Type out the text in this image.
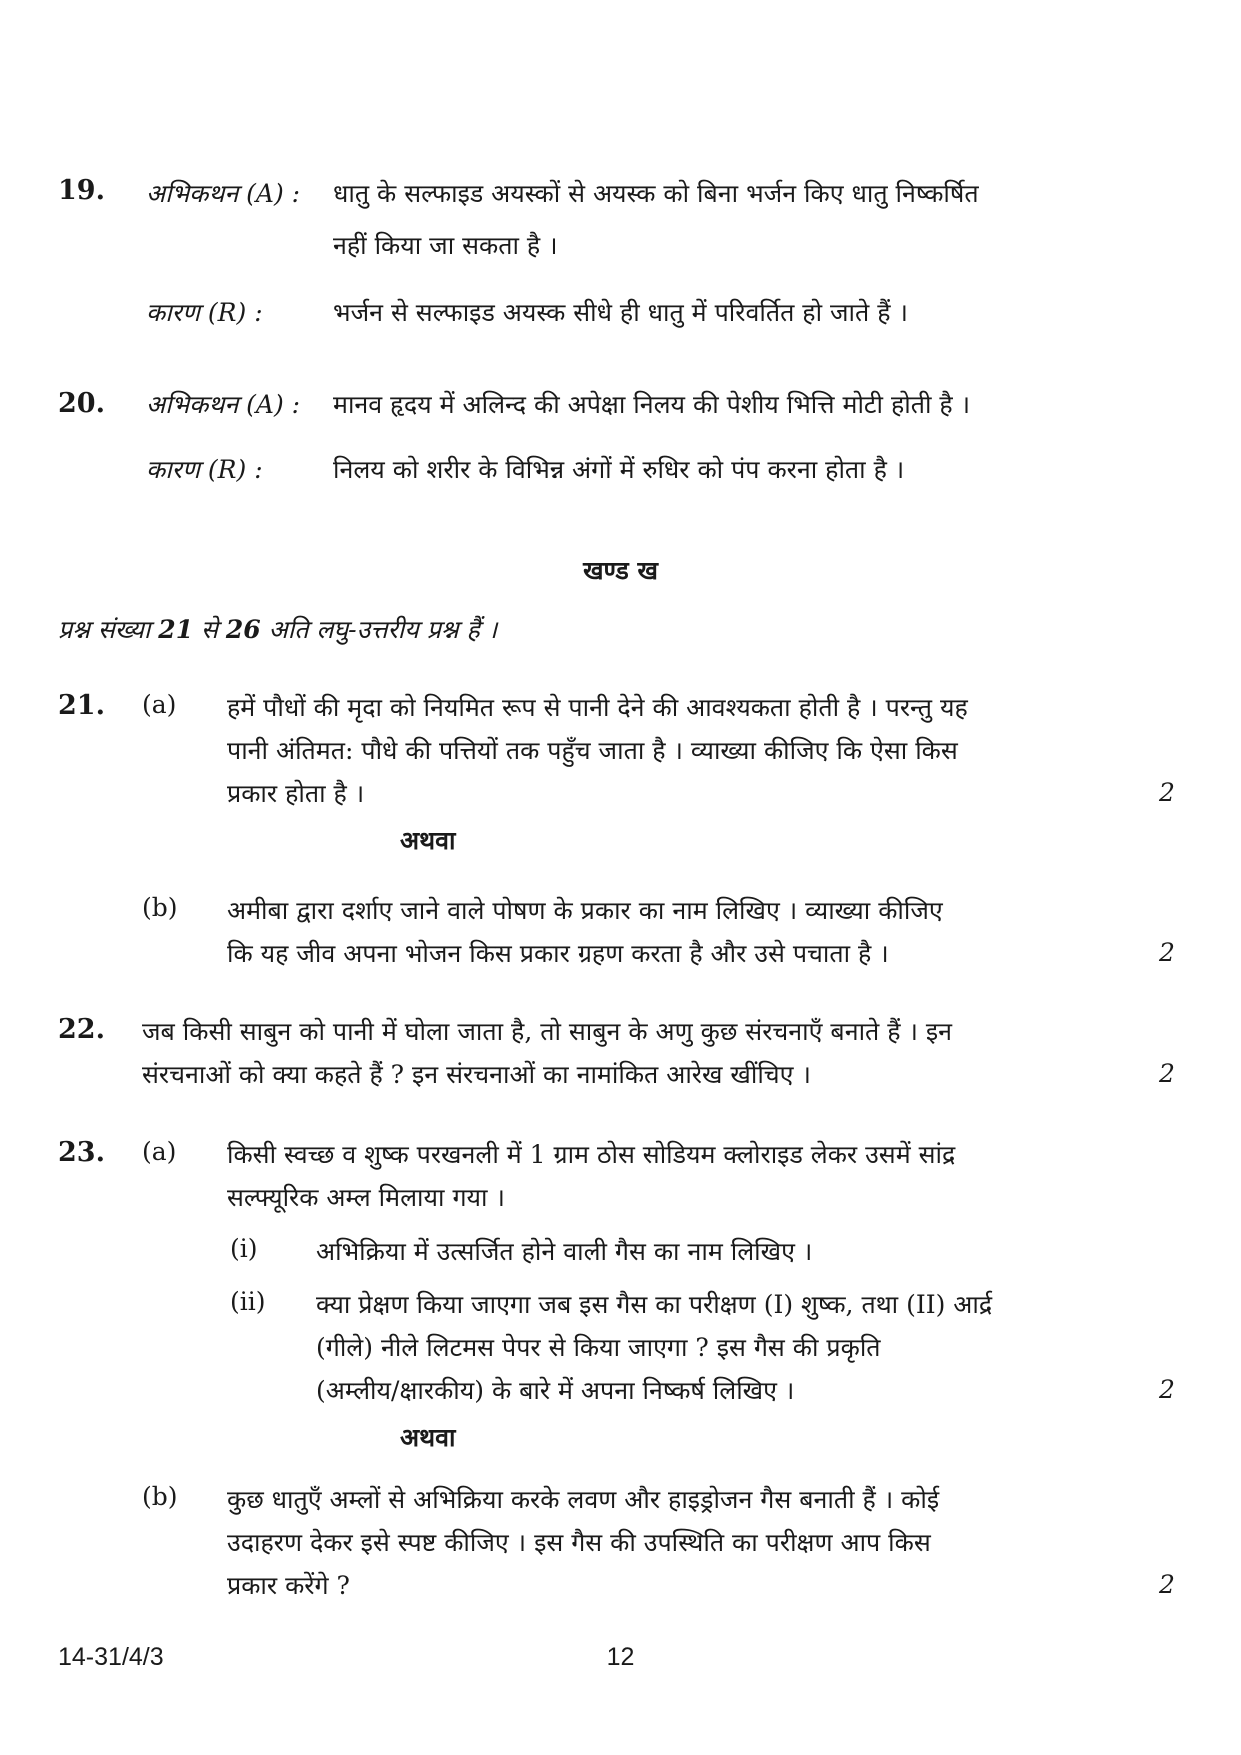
19. अभिकथन (A) : धातु के सल्फाइड अयस्कों से अयस्क को बिना भर्जन किए धातु निष्कर्षित
नहीं किया जा सकता है ।
कारण (R) :	भर्जन से सल्फाइड अयस्क सीधे ही धातु में परिवर्तित हो जाते हैं ।
20. अभिकथन (A) : मानव हृदय में अलिन्द की अपेक्षा निलय की पेशीय भित्ति मोटी होती है ।
कारण (R) :	निलय को शरीर के विभिन्न अंगों में रुधिर को पंप करना होता है ।
खण्ड ख
प्रश्न संख्या 21 से 26 अति लघु-उत्तरीय प्रश्न हैं ।
21. (a) हमें पौधों की मृदा को नियमित रूप से पानी देने की आवश्यकता होती है । परन्तु यह
पानी अंतिमत: पौधे की पत्तियों तक पहुँच जाता है । व्याख्या कीजिए कि ऐसा किस
प्रकार होता है ।	2
अथवा
(b) अमीबा द्वारा दर्शाए जाने वाले पोषण के प्रकार का नाम लिखिए । व्याख्या कीजिए
कि यह जीव अपना भोजन किस प्रकार ग्रहण करता है और उसे पचाता है ।	2
22. जब किसी साबुन को पानी में घोला जाता है, तो साबुन के अणु कुछ संरचनाएँ बनाते हैं । इन
संरचनाओं को क्या कहते हैं ? इन संरचनाओं का नामांकित आरेख खींचिए ।	2
23. (a) किसी स्वच्छ व शुष्क परखनली में 1 ग्राम ठोस सोडियम क्लोराइड लेकर उसमें सांद्र
सल्फ्यूरिक अम्ल मिलाया गया ।
(i) अभिक्रिया में उत्सर्जित होने वाली गैस का नाम लिखिए ।
(ii) क्या प्रेक्षण किया जाएगा जब इस गैस का परीक्षण (I) शुष्क, तथा (II) आर्द्र
(गीले) नीले लिटमस पेपर से किया जाएगा ? इस गैस की प्रकृति
(अम्लीय/क्षारकीय) के बारे में अपना निष्कर्ष लिखिए ।	2
अथवा
(b) कुछ धातुएँ अम्लों से अभिक्रिया करके लवण और हाइड्रोजन गैस बनाती हैं । कोई
उदाहरण देकर इसे स्पष्ट कीजिए । इस गैस की उपस्थिति का परीक्षण आप किस
प्रकार करेंगे ?	2
14-31/4/3	12
